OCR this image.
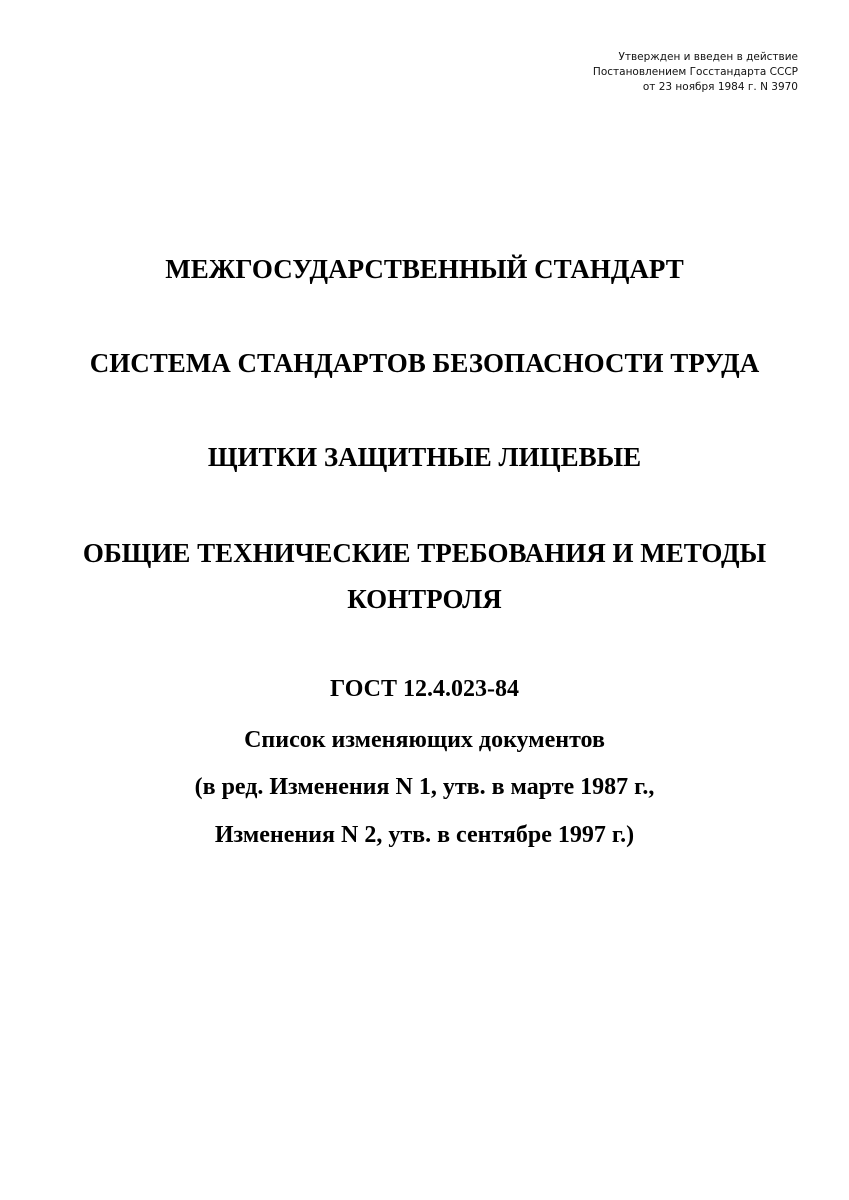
Утвержден и введен в действие
Постановлением Госстандарта СССР
от 23 ноября 1984 г. N 3970
МЕЖГОСУДАРСТВЕННЫЙ СТАНДАРТ
СИСТЕМА СТАНДАРТОВ БЕЗОПАСНОСТИ ТРУДА
ЩИТКИ ЗАЩИТНЫЕ ЛИЦЕВЫЕ
ОБЩИЕ ТЕХНИЧЕСКИЕ ТРЕБОВАНИЯ И МЕТОДЫ
КОНТРОЛЯ
ГОСТ 12.4.023-84
Список изменяющих документов
(в ред. Изменения N 1, утв. в марте 1987 г.,
Изменения N 2, утв. в сентябре 1997 г.)
